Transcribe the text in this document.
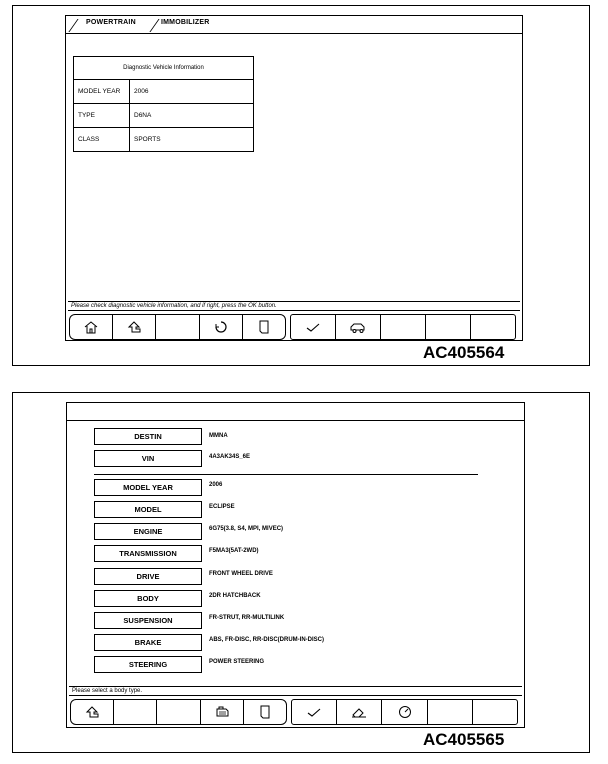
POWERTRAIN	IMMOBILIZER
Diagnostic Vehicle Information	
MODEL YEAR	2006
TYPE	D6NA
CLASS	SPORTS
Please check diagnostic vehicle information, and if right, press the OK button.
AC405564
DESTIN	MMNA
VIN	4A3AK34S_6E
MODEL YEAR	2006
MODEL	ECLIPSE
ENGINE	6G75(3.8, S4, MPI, MIVEC)
TRANSMISSION	F5MA3(5AT-2WD)
DRIVE	FRONT WHEEL DRIVE
BODY	2DR HATCHBACK
SUSPENSION	FR-STRUT, RR-MULTILINK
BRAKE	ABS, FR-DISC, RR-DISC(DRUM-IN-DISC)
STEERING	POWER STEERING
Please select a body type.
AC405565
